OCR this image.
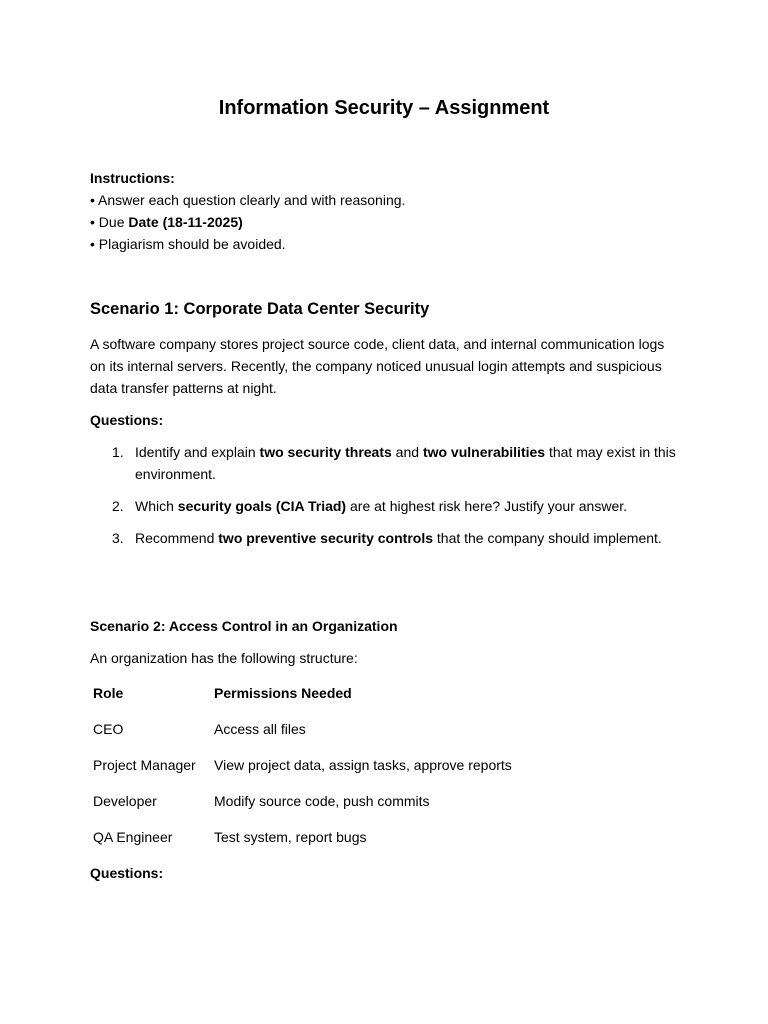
Information Security – Assignment
Instructions:
• Answer each question clearly and with reasoning.
• Due Date (18-11-2025)
• Plagiarism should be avoided.
Scenario 1: Corporate Data Center Security
A software company stores project source code, client data, and internal communication logs on its internal servers. Recently, the company noticed unusual login attempts and suspicious data transfer patterns at night.
Questions:
1. Identify and explain two security threats and two vulnerabilities that may exist in this environment.
2. Which security goals (CIA Triad) are at highest risk here? Justify your answer.
3. Recommend two preventive security controls that the company should implement.
Scenario 2: Access Control in an Organization
An organization has the following structure:
Role	Permissions Needed
CEO	Access all files
Project Manager	View project data, assign tasks, approve reports
Developer	Modify source code, push commits
QA Engineer	Test system, report bugs
Questions:
